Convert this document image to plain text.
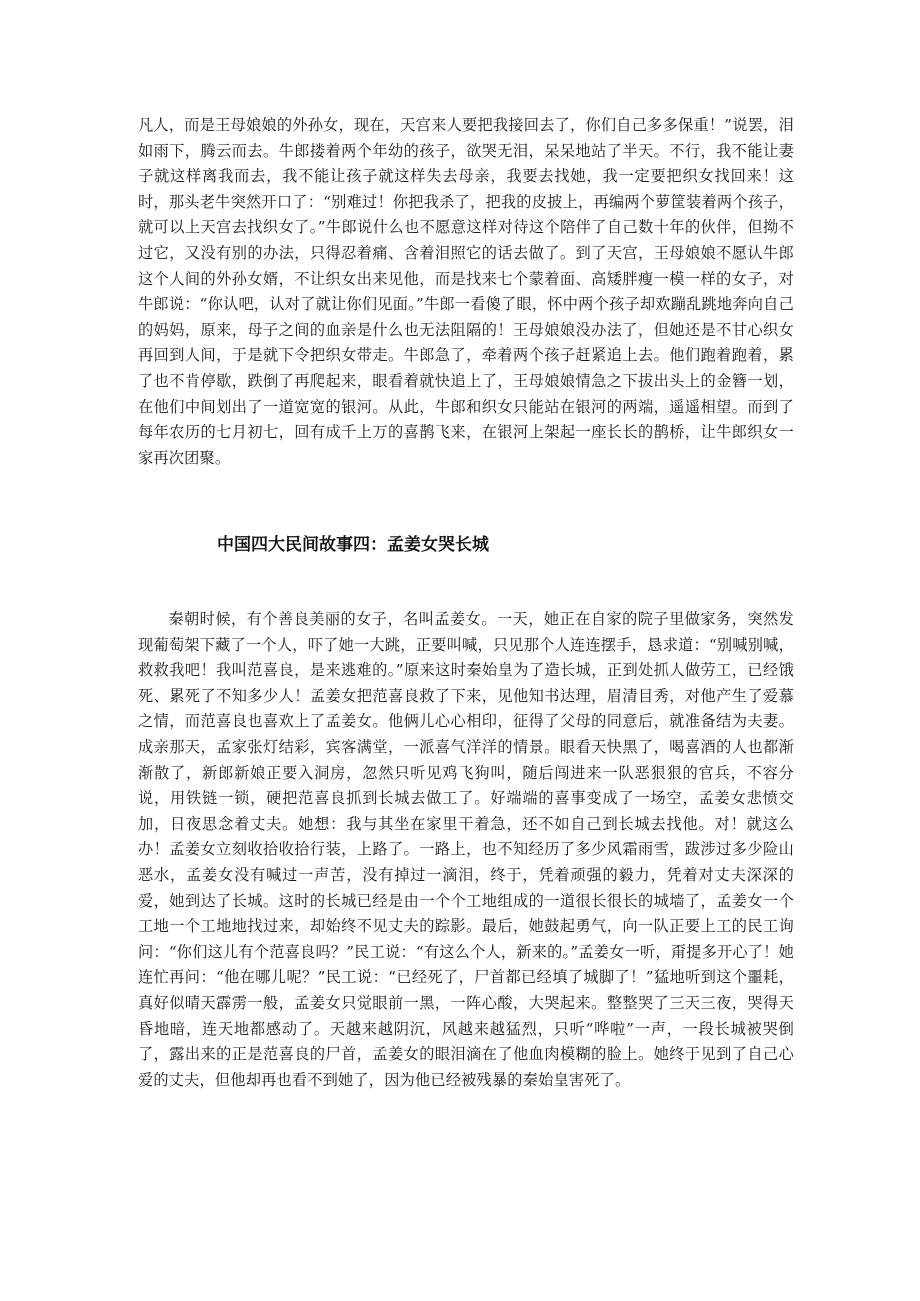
凡人，而是王母娘娘的外孙女，现在，天宫来人要把我接回去了，你们自己多多保重！”说罢，泪如雨下，腾云而去。牛郎搂着两个年幼的孩子，欲哭无泪，呆呆地站了半天。不行，我不能让妻子就这样离我而去，我不能让孩子就这样失去母亲，我要去找她，我一定要把织女找回来！这时，那头老牛突然开口了：“别难过！你把我杀了，把我的皮披上，再编两个萝筐装着两个孩子，就可以上天宫去找织女了。”牛郎说什么也不愿意这样对待这个陪伴了自己数十年的伙伴，但拗不过它，又没有别的办法，只得忍着痛、含着泪照它的话去做了。到了天宫，王母娘娘不愿认牛郎这个人间的外孙女婿，不让织女出来见他，而是找来七个蒙着面、高矮胖瘦一模一样的女子，对牛郎说：“你认吧，认对了就让你们见面。”牛郎一看傻了眼，怀中两个孩子却欢蹦乱跳地奔向自己的妈妈，原来，母子之间的血亲是什么也无法阻隔的！王母娘娘没办法了，但她还是不甘心织女再回到人间，于是就下令把织女带走。牛郎急了，牵着两个孩子赶紧追上去。他们跑着跑着，累了也不肯停歇，跌倒了再爬起来，眼看着就快追上了，王母娘娘情急之下拔出头上的金簪一划，在他们中间划出了一道宽宽的银河。从此，牛郎和织女只能站在银河的两端，遥遥相望。而到了每年农历的七月初七，回有成千上万的喜鹊飞来，在银河上架起一座长长的鹊桥，让牛郎织女一家再次团聚。

中国四大民间故事四：孟姜女哭长城

秦朝时候，有个善良美丽的女子，名叫孟姜女。一天，她正在自家的院子里做家务，突然发现葡萄架下藏了一个人，吓了她一大跳，正要叫喊，只见那个人连连摆手，恳求道：“别喊别喊，救救我吧！我叫范喜良，是来逃难的。”原来这时秦始皇为了造长城，正到处抓人做劳工，已经饿死、累死了不知多少人！孟姜女把范喜良救了下来，见他知书达理，眉清目秀，对他产生了爱慕之情，而范喜良也喜欢上了孟姜女。他俩儿心心相印，征得了父母的同意后，就准备结为夫妻。成亲那天，孟家张灯结彩，宾客满堂，一派喜气洋洋的情景。眼看天快黑了，喝喜酒的人也都渐渐散了，新郎新娘正要入洞房，忽然只听见鸡飞狗叫，随后闯进来一队恶狠狠的官兵，不容分说，用铁链一锁，硬把范喜良抓到长城去做工了。好端端的喜事变成了一场空，孟姜女悲愤交加，日夜思念着丈夫。她想：我与其坐在家里干着急，还不如自己到长城去找他。对！就这么办！孟姜女立刻收拾收拾行装，上路了。一路上，也不知经历了多少风霜雨雪，跋涉过多少险山恶水，孟姜女没有喊过一声苦，没有掉过一滴泪，终于，凭着顽强的毅力，凭着对丈夫深深的爱，她到达了长城。这时的长城已经是由一个个工地组成的一道很长很长的城墙了，孟姜女一个工地一个工地地找过来，却始终不见丈夫的踪影。最后，她鼓起勇气，向一队正要上工的民工询问：“你们这儿有个范喜良吗？”民工说：“有这么个人，新来的。”孟姜女一听，甭提多开心了！她连忙再问：“他在哪儿呢？”民工说：“已经死了，尸首都已经填了城脚了！”猛地听到这个噩耗，真好似晴天霹雳一般，孟姜女只觉眼前一黑，一阵心酸，大哭起来。整整哭了三天三夜，哭得天昏地暗，连天地都感动了。天越来越阴沉，风越来越猛烈，只听“哗啦”一声，一段长城被哭倒了，露出来的正是范喜良的尸首，孟姜女的眼泪滴在了他血肉模糊的脸上。她终于见到了自己心爱的丈夫，但他却再也看不到她了，因为他已经被残暴的秦始皇害死了。
